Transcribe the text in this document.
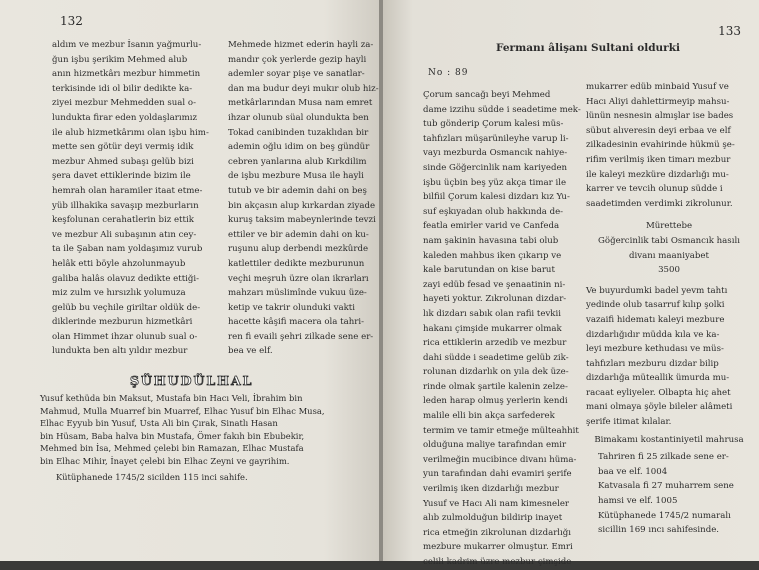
132
aldım ve mezbur İsanın yağmurlu-
ğun işbu şerikim Mehmed alub
anın hizmetkârı mezbur himmetin
terkisinde idi ol bilir dedikte ka-
ziyei mezbur Mehmedden sual o-
lundukta firar eden yoldaşlarımız
ile alub hizmetkârımı olan işbu him-
mette sen götür deyi vermiş idik
mezbur Ahmed subaşı gelüb bizi
şera davet ettiklerinde bizim ile
hemrah olan haramiler itaat etme-
yüb illhakika savaşıp mezburların
keşfolunan cerahatlerin biz ettik
ve mezbur Ali subaşının atın cey-
ta ile Şaban nam yoldaşımız vurub
helâk etti böyle ahzolunmayub
galiba halâs olavuz dedikte ettiği-
miz zulm ve hırsızlık yolumuza
gelüb bu veçhile giriltar oldük de-
diklerinde mezburun hizmetkâri
olan Himmet ihzar olunub sual o-
lundukta ben altı yıldır mezbur
Mehmede hizmet ederin hayli za-
mandır çok yerlerde gezip hayli
ademler soyar pişe ve sanatlar-
dan ma budur deyi mukır olub hiz-
metkârlarından Musa nam emret
ihzar olunub süal olundukta ben
Tokad canibinden tuzaklıdan bir
ademin oğlu idim on beş gündür
cebren yanlarına alub Kırkdilim
de işbu mezbure Musa ile hayli
tutub ve bir ademin dahi on beş
bin akçasın alup kırkardan ziyade
kuruş taksim mabeynlerinde tevzi
ettiler ve bir ademin dahi on ku-
ruşunu alup derbendi mezkûrde
katlettiler dedikte mezburunun
veçhi meşruh üzre olan ikrarları
mahzarı müslimînde vukuu üze-
ketip ve takrir olunduki vakti
hacette kâşifi macera ola tahri-
ren fi evaili şehri zilkade sene er-
bea ve elf.
ŞÜHUDÜLHAL
Yusuf kethüda bin Maksut, Mustafa bin Hacı Veli, İbrahim bin
Mahmud, Mulla Muarref bin Muarref, Elhac Yusuf bin Elhac Musa,
Elhac Eyyub bin Yusuf, Usta Ali bin Çırak, Sinatlı Hasan
bin Hüsam, Baba halva bin Mustafa, Ömer fakıh bin Ebubekir,
Mehmed bin İsa, Mehmed çelebi bin Ramazan, Elhac Mustafa
bin Elhac Mihir, İnayet çelebi bin Elhac Zeyni ve gayrihim.
Kütüphanede 1745/2 sicilden 115 inci sahife.
133
Fermanı âlişanı Sultani oldurki
No : 89
Çorum sancağı beyi Mehmed
dame izzihu südde i seadetime mek-
tub gönderip Çorum kalesi müs-
tahfızları müşarünileyhe varup li-
vayı mezburda Osmancık nahiye-
sinde Göğercinlik nam kariyeden
işbu üçbin beş yüz akça timar ile
bilfiil Çorum kalesi dizdarı kız Yu-
suf eşkıyadan olub hakkında de-
featla emirler varid ve Canfeda
nam şakinin havasına tabi olub
kaleden mahbus iken çıkarıp ve
kale barutundan on kise barut
zayi edüb fesad ve şenaatinin ni-
hayeti yoktur. Zıkrolunan dizdar-
lık dizdarı sabık olan rafii tevkii
hakanı çimşide mukarrer olmak
rica ettiklerin arzedib ve mezbur
dahi südde i seadetime gelüb zik-
rolunan dizdarlık on yıla dek üze-
rinde olmak şartile kalenin zelze-
leden harap olmuş yerlerin kendi
malile elli bin akça sarfederek
termim ve tamir etmeğe mülteahhit
olduğuna maliye tarafından emir
verilmeğin mucibince divanı hüma-
yun tarafından dahi evamiri şerife
verilmiş iken dizdarlığı mezbur
Yusuf ve Hacı Ali nam kimesneler
alıb zulmolduğun bildirip inayet
rica etmeğin zikrolunan dizdarlığı
mezbure mukarrer olmuştur. Emri
celili kadrim üzre mezbur çimşide
mukarrer edüb minbaid Yusuf ve
Hacı Aliyi dahlettirmeyip mahsu-
lünün nesnesin almışlar ise bades
sübut alıveresin deyi erbaa ve elf
zilkadesinin evahirinde hükmü şe-
rifim verilmiş iken timarı mezbur
ile kaleyi mezküre dizdarlığı mu-
karrer ve tevcih olunup südde i
saadetimden verdimki zikrolunur.
Mürettebe
Göğercinlik tabi Osmancık hasılı
divanı maaniyabet
3500
Ve buyurdumki badel yevm tahtı
yedinde olub tasarruf kılıp şolki
vazaifi hidematı kaleyi mezbure
dizdarlığıdır müdda kıla ve ka-
leyi mezbure kethudası ve müs-
tahfızları mezburu dizdar bilip
dizdarlığa müteallik ümurda mu-
racaat eyliyeler. Olbapta hiç ahet
mani olmaya şöyle bileler alâmeti
şerife itimat kılalar.
Bimakamı kostantiniyetil mahrusa
Tahriren fi 25 zilkade sene er-
baa ve elf. 1004
Katvasala fi 27 muharrem sene
hamsi ve elf. 1005
Kütüphanede 1745/2 numaralı
sicillin 169 ıncı sahifesinde.
